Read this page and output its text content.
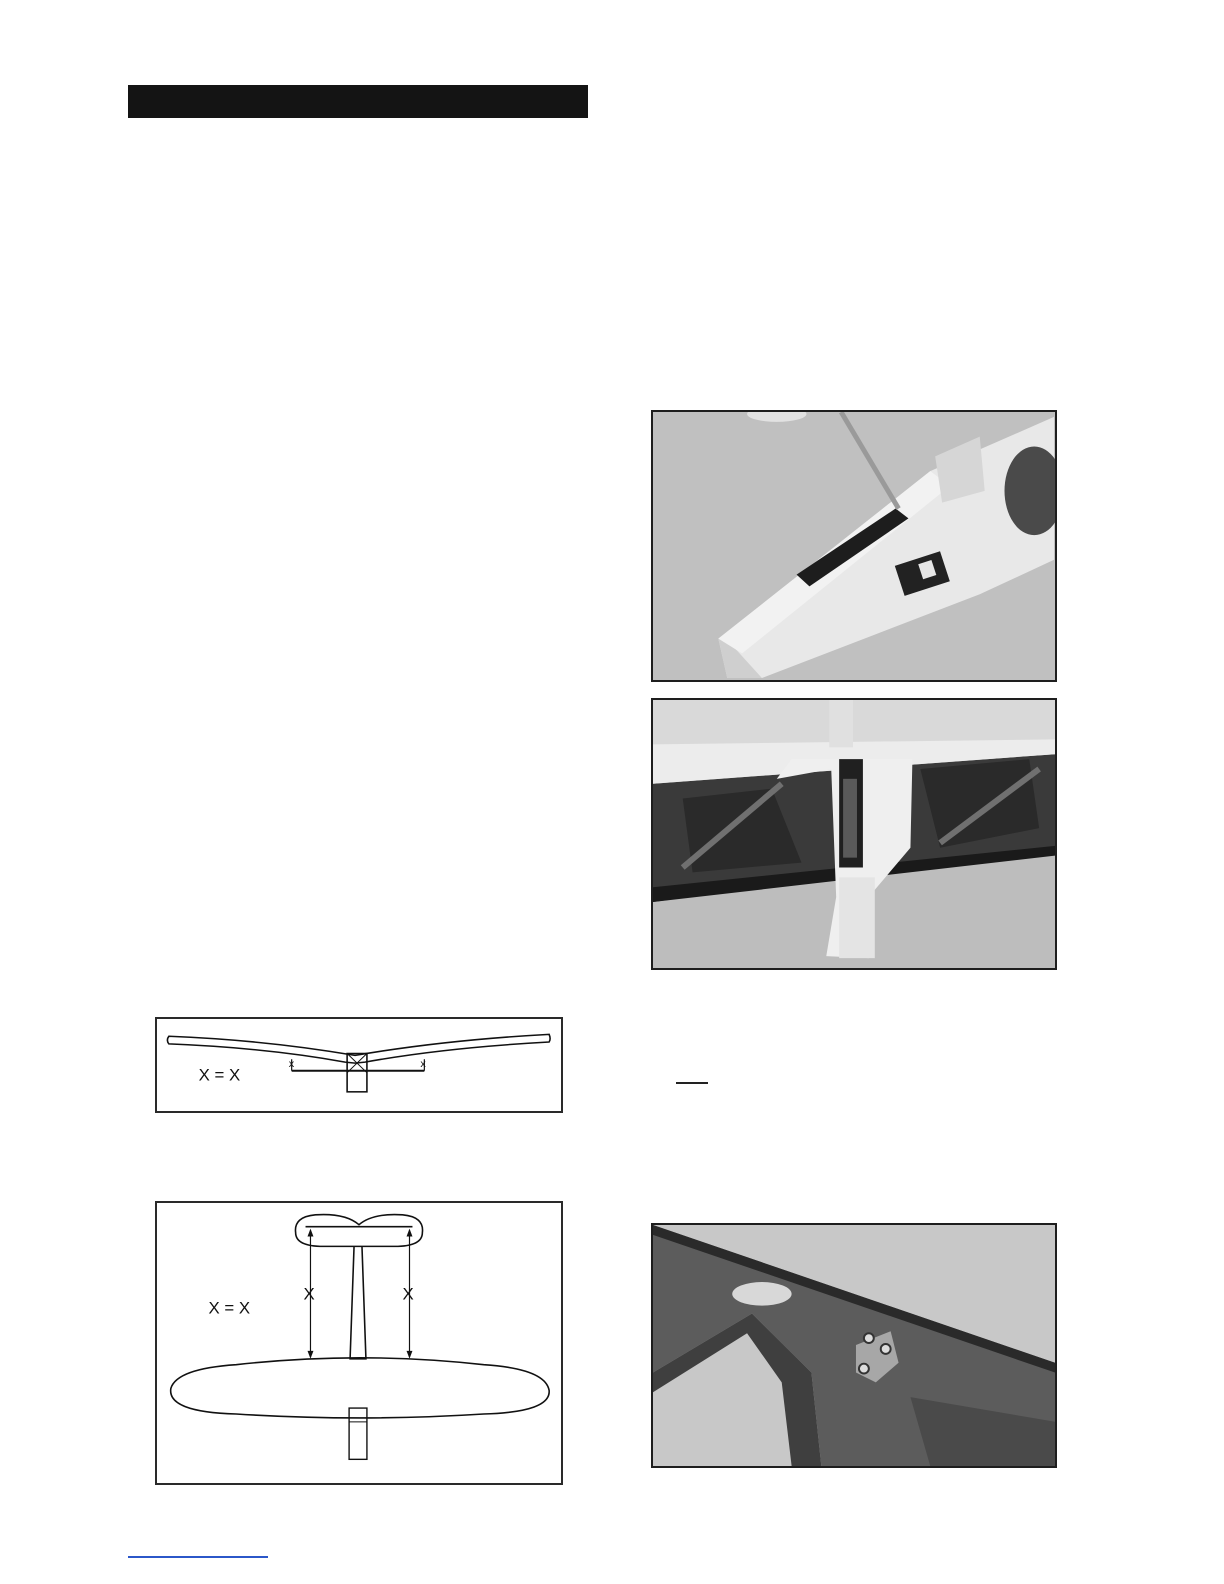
x	x
X = X
X	X
X = X
